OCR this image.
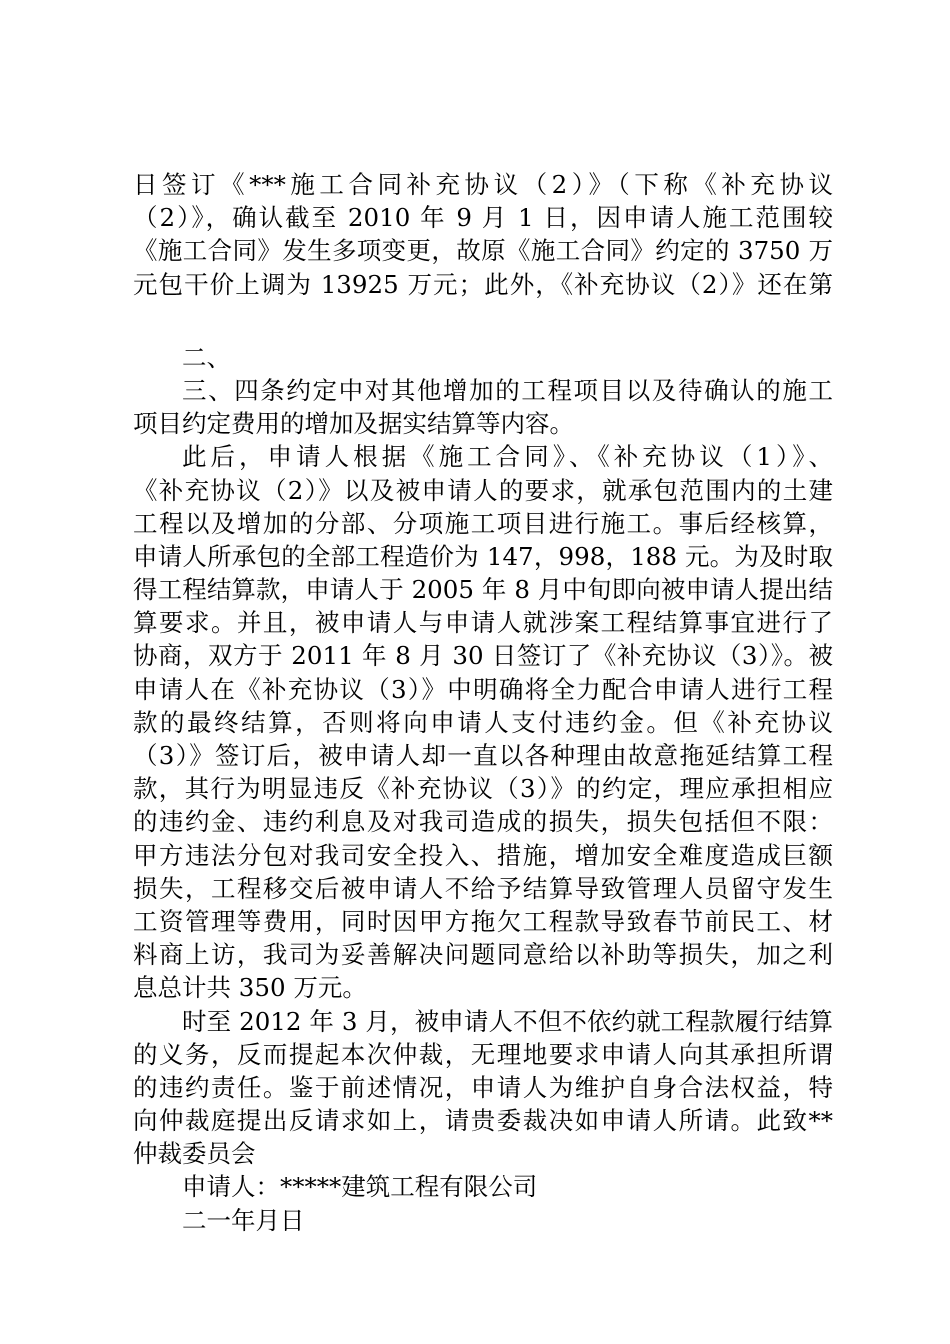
日签订《***施工合同补充协议（2）》（下称《补充协议
（2）》，确认截至 2010 年 9 月 1 日，因申请人施工范围较
《施工合同》发生多项变更，故原《施工合同》约定的 3750 万
元包干价上调为 13925 万元；此外，《补充协议（2）》还在第
二、
三、四条约定中对其他增加的工程项目以及待确认的施工
项目约定费用的增加及据实结算等内容。
此后，申请人根据《施工合同》、《补充协议（1）》、
《补充协议（2）》以及被申请人的要求，就承包范围内的土建
工程以及增加的分部、分项施工项目进行施工。事后经核算，
申请人所承包的全部工程造价为 147，998，188 元。为及时取
得工程结算款，申请人于 2005 年 8 月中旬即向被申请人提出结
算要求。并且，被申请人与申请人就涉案工程结算事宜进行了
协商，双方于 2011 年 8 月 30 日签订了《补充协议（3）》。被
申请人在《补充协议（3）》中明确将全力配合申请人进行工程
款的最终结算，否则将向申请人支付违约金。但《补充协议
（3）》签订后，被申请人却一直以各种理由故意拖延结算工程
款，其行为明显违反《补充协议（3）》的约定，理应承担相应
的违约金、违约利息及对我司造成的损失，损失包括但不限：
甲方违法分包对我司安全投入、措施，增加安全难度造成巨额
损失，工程移交后被申请人不给予结算导致管理人员留守发生
工资管理等费用，同时因甲方拖欠工程款导致春节前民工、材
料商上访，我司为妥善解决问题同意给以补助等损失，加之利
息总计共 350 万元。
时至 2012 年 3 月，被申请人不但不依约就工程款履行结算
的义务，反而提起本次仲裁，无理地要求申请人向其承担所谓
的违约责任。鉴于前述情况，申请人为维护自身合法权益，特
向仲裁庭提出反请求如上，请贵委裁决如申请人所请。此致**
仲裁委员会
申请人：*****建筑工程有限公司
二一年月日
